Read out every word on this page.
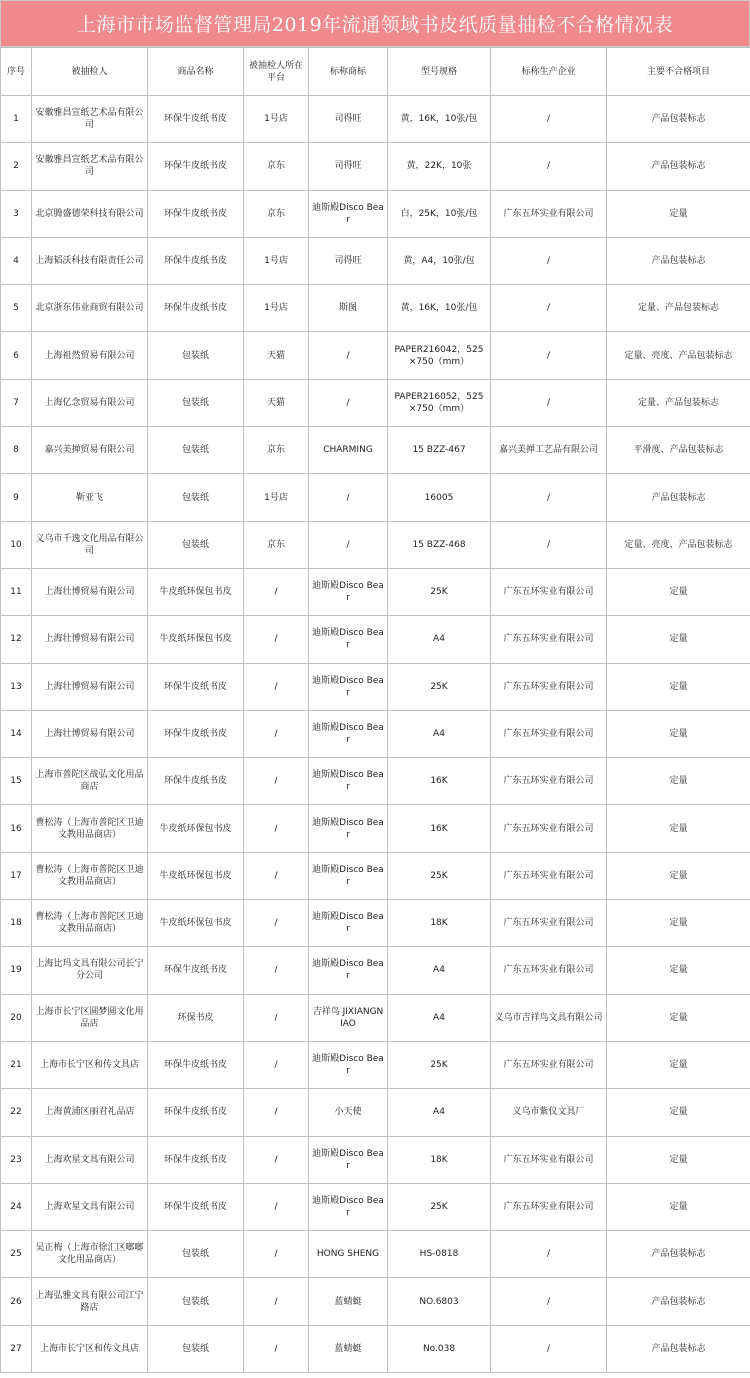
上海市市场监督管理局2019年流通领域书皮纸质量抽检不合格情况表
序号	被抽检人	商品名称	被抽检人所在平台	标称商标	型号规格	标称生产企业	主要不合格项目
1	安徽雅昌宣纸艺术品有限公司	环保牛皮纸书皮	1号店	司得旺	黄，16K，10张/包	/	产品包装标志
2	安徽雅昌宣纸艺术品有限公司	环保牛皮纸书皮	京东	司得旺	黄，22K，10张	/	产品包装标志
3	北京腾盛德荣科技有限公司	环保牛皮纸书皮	京东	迪斯殿Disco Bear	白，25K，10张/包	广东五环实业有限公司	定量
4	上海韬沃科技有限责任公司	环保牛皮纸书皮	1号店	司得旺	黄，A4，10张/包	/	产品包装标志
5	北京浙东伟业商贸有限公司	环保牛皮纸书皮	1号店	斯图	黄，16K，10张/包	/	定量、产品包装标志
6	上海祖然贸易有限公司	包装纸	天猫	/	PAPER216042，525×750（mm）	/	定量、亮度、产品包装标志
7	上海亿念贸易有限公司	包装纸	天猫	/	PAPER216052，525×750（mm）	/	定量、产品包装标志
8	嘉兴美掸贸易有限公司	包装纸	京东	CHARMING	15 BZZ-467	嘉兴美掸工艺品有限公司	平滑度、产品包装标志
9	靳亚飞	包装纸	1号店	/	16005	/	产品包装标志
10	义乌市千逸文化用品有限公司	包装纸	京东	/	15 BZZ-468	/	定量、亮度、产品包装标志
11	上海壮博贸易有限公司	牛皮纸环保包书皮	/	迪斯殿Disco Bear	25K	广东五环实业有限公司	定量
12	上海壮博贸易有限公司	牛皮纸环保包书皮	/	迪斯殿Disco Bear	A4	广东五环实业有限公司	定量
13	上海壮博贸易有限公司	环保牛皮纸书皮	/	迪斯殿Disco Bear	25K	广东五环实业有限公司	定量
14	上海壮博贸易有限公司	环保牛皮纸书皮	/	迪斯殿Disco Bear	A4	广东五环实业有限公司	定量
15	上海市普陀区战弘文化用品商店	环保牛皮纸书皮	/	迪斯殿Disco Bear	16K	广东五环实业有限公司	定量
16	曹松涛（上海市普陀区卫迪文教用品商店）	牛皮纸环保包书皮	/	迪斯殿Disco Bear	16K	广东五环实业有限公司	定量
17	曹松涛（上海市普陀区卫迪文教用品商店）	牛皮纸环保包书皮	/	迪斯殿Disco Bear	25K	广东五环实业有限公司	定量
18	曹松涛（上海市普陀区卫迪文教用品商店）	牛皮纸环保包书皮	/	迪斯殿Disco Bear	18K	广东五环实业有限公司	定量
19	上海比玛文具有限公司长宁分公司	环保牛皮纸书皮	/	迪斯殿Disco Bear	A4	广东五环实业有限公司	定量
20	上海市长宁区圆梦圆文化用品店	环保书皮	/	吉祥鸟 JIXIANGNIAO	A4	义乌市吉祥鸟文具有限公司	定量
21	上海市长宁区和传文具店	环保牛皮纸书皮	/	迪斯殿Disco Bear	25K	广东五环实业有限公司	定量
22	上海黄浦区丽君礼品店	环保牛皮纸书皮	/	小天使	A4	义乌市紫仪文具厂	定量
23	上海欢星文具有限公司	环保牛皮纸书皮	/	迪斯殿Disco Bear	18K	广东五环实业有限公司	定量
24	上海欢星文具有限公司	环保牛皮纸书皮	/	迪斯殿Disco Bear	25K	广东五环实业有限公司	定量
25	吴正梅（上海市徐汇区啷啷文化用品商店）	包装纸	/	HONG SHENG	HS-0818	/	产品包装标志
26	上海弘雅文具有限公司江宁路店	包装纸	/	蓝蜻蜓	NO.6803	/	产品包装标志
27	上海市长宁区和传文具店	包装纸	/	蓝蜻蜓	No.038	/	产品包装标志
